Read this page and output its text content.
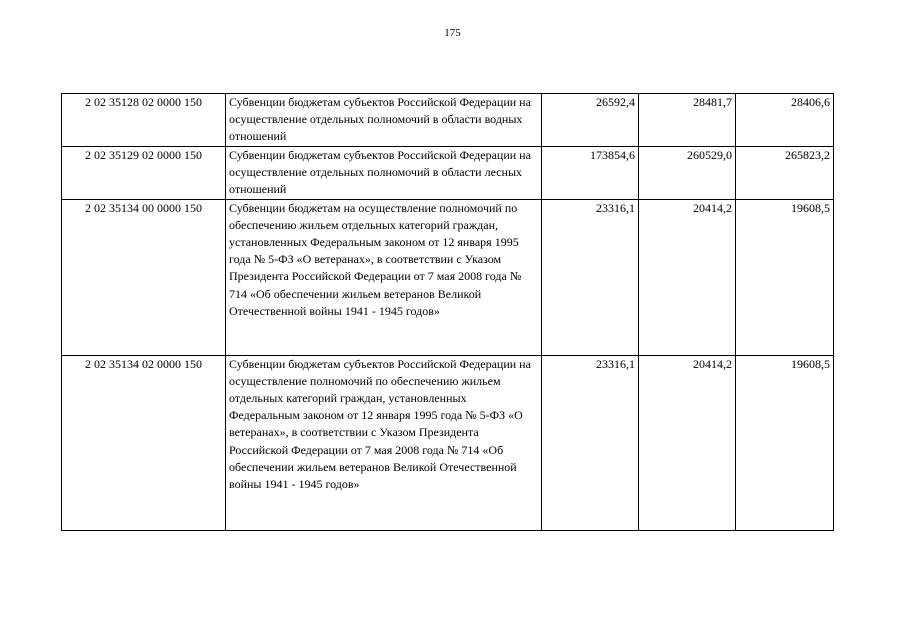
175
2 02 35128 02 0000 150	Субвенции бюджетам субъектов Российской Федерации на осуществление отдельных полномочий в области водных отношений	26592,4	28481,7	28406,6
2 02 35129 02 0000 150	Субвенции бюджетам субъектов Российской Федерации на осуществление отдельных полномочий в области лесных отношений	173854,6	260529,0	265823,2
2 02 35134 00 0000 150	Субвенции бюджетам на осуществление полномочий по обеспечению жильем отдельных категорий граждан, установленных Федеральным законом от 12 января 1995 года № 5-ФЗ «О ветеранах», в соответствии с Указом Президента Российской Федерации от 7 мая 2008 года № 714 «Об обеспечении жильем ветеранов Великой Отечественной войны 1941 - 1945 годов»	23316,1	20414,2	19608,5
2 02 35134 02 0000 150	Субвенции бюджетам субъектов Российской Федерации на осуществление полномочий по обеспечению жильем отдельных категорий граждан, установленных Федеральным законом от 12 января 1995 года № 5-ФЗ «О ветеранах», в соответствии с Указом Президента Российской Федерации от 7 мая 2008 года № 714 «Об обеспечении жильем ветеранов Великой Отечественной войны 1941 - 1945 годов»	23316,1	20414,2	19608,5
